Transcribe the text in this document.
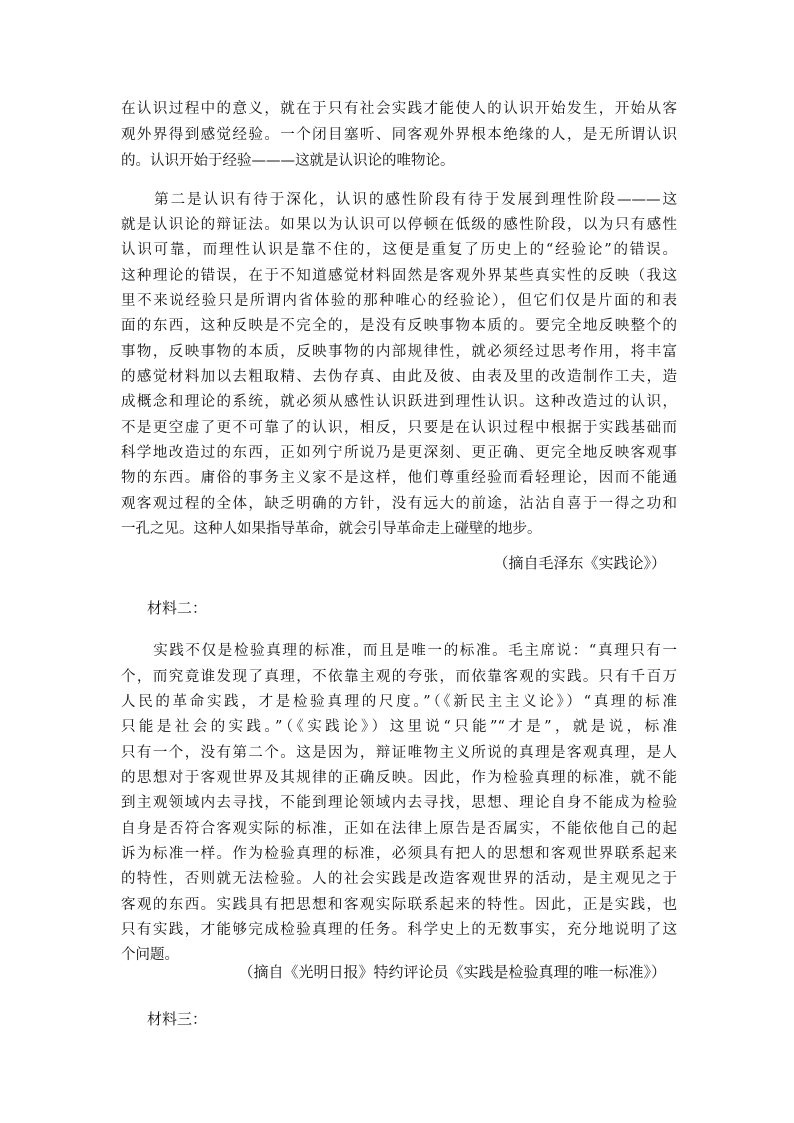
在认识过程中的意义，就在于只有社会实践才能使人的认识开始发生，开始从客
观外界得到感觉经验。一个闭目塞听、同客观外界根本绝缘的人，是无所谓认识
的。认识开始于经验———这就是认识论的唯物论。
　　第二是认识有待于深化，认识的感性阶段有待于发展到理性阶段———这
就是认识论的辩证法。如果以为认识可以停顿在低级的感性阶段，以为只有感性
认识可靠，而理性认识是靠不住的，这便是重复了历史上的“经验论”的错误。
这种理论的错误，在于不知道感觉材料固然是客观外界某些真实性的反映（我这
里不来说经验只是所谓内省体验的那种唯心的经验论），但它们仅是片面的和表
面的东西，这种反映是不完全的，是没有反映事物本质的。要完全地反映整个的
事物，反映事物的本质，反映事物的内部规律性，就必须经过思考作用，将丰富
的感觉材料加以去粗取精、去伪存真、由此及彼、由表及里的改造制作工夫，造
成概念和理论的系统，就必须从感性认识跃进到理性认识。这种改造过的认识，
不是更空虚了更不可靠了的认识，相反，只要是在认识过程中根据于实践基础而
科学地改造过的东西，正如列宁所说乃是更深刻、更正确、更完全地反映客观事
物的东西。庸俗的事务主义家不是这样，他们尊重经验而看轻理论，因而不能通
观客观过程的全体，缺乏明确的方针，没有远大的前途，沾沾自喜于一得之功和
一孔之见。这种人如果指导革命，就会引导革命走上碰壁的地步。
（摘自毛泽东《实践论》）
材料二：
　　实践不仅是检验真理的标准，而且是唯一的标准。毛主席说：“真理只有一
个，而究竟谁发现了真理，不依靠主观的夸张，而依靠客观的实践。只有千百万
人民的革命实践，才是检验真理的尺度。”（《新民主主义论》）“真理的标准
只能是社会的实践。”（《实践论》）这里说“只能”“才是”，就是说，标准
只有一个，没有第二个。这是因为，辩证唯物主义所说的真理是客观真理，是人
的思想对于客观世界及其规律的正确反映。因此，作为检验真理的标准，就不能
到主观领域内去寻找，不能到理论领域内去寻找，思想、理论自身不能成为检验
自身是否符合客观实际的标准，正如在法律上原告是否属实，不能依他自己的起
诉为标准一样。作为检验真理的标准，必须具有把人的思想和客观世界联系起来
的特性，否则就无法检验。人的社会实践是改造客观世界的活动，是主观见之于
客观的东西。实践具有把思想和客观实际联系起来的特性。因此，正是实践，也
只有实践，才能够完成检验真理的任务。科学史上的无数事实，充分地说明了这
个问题。
（摘自《光明日报》特约评论员《实践是检验真理的唯一标准》）
材料三：
